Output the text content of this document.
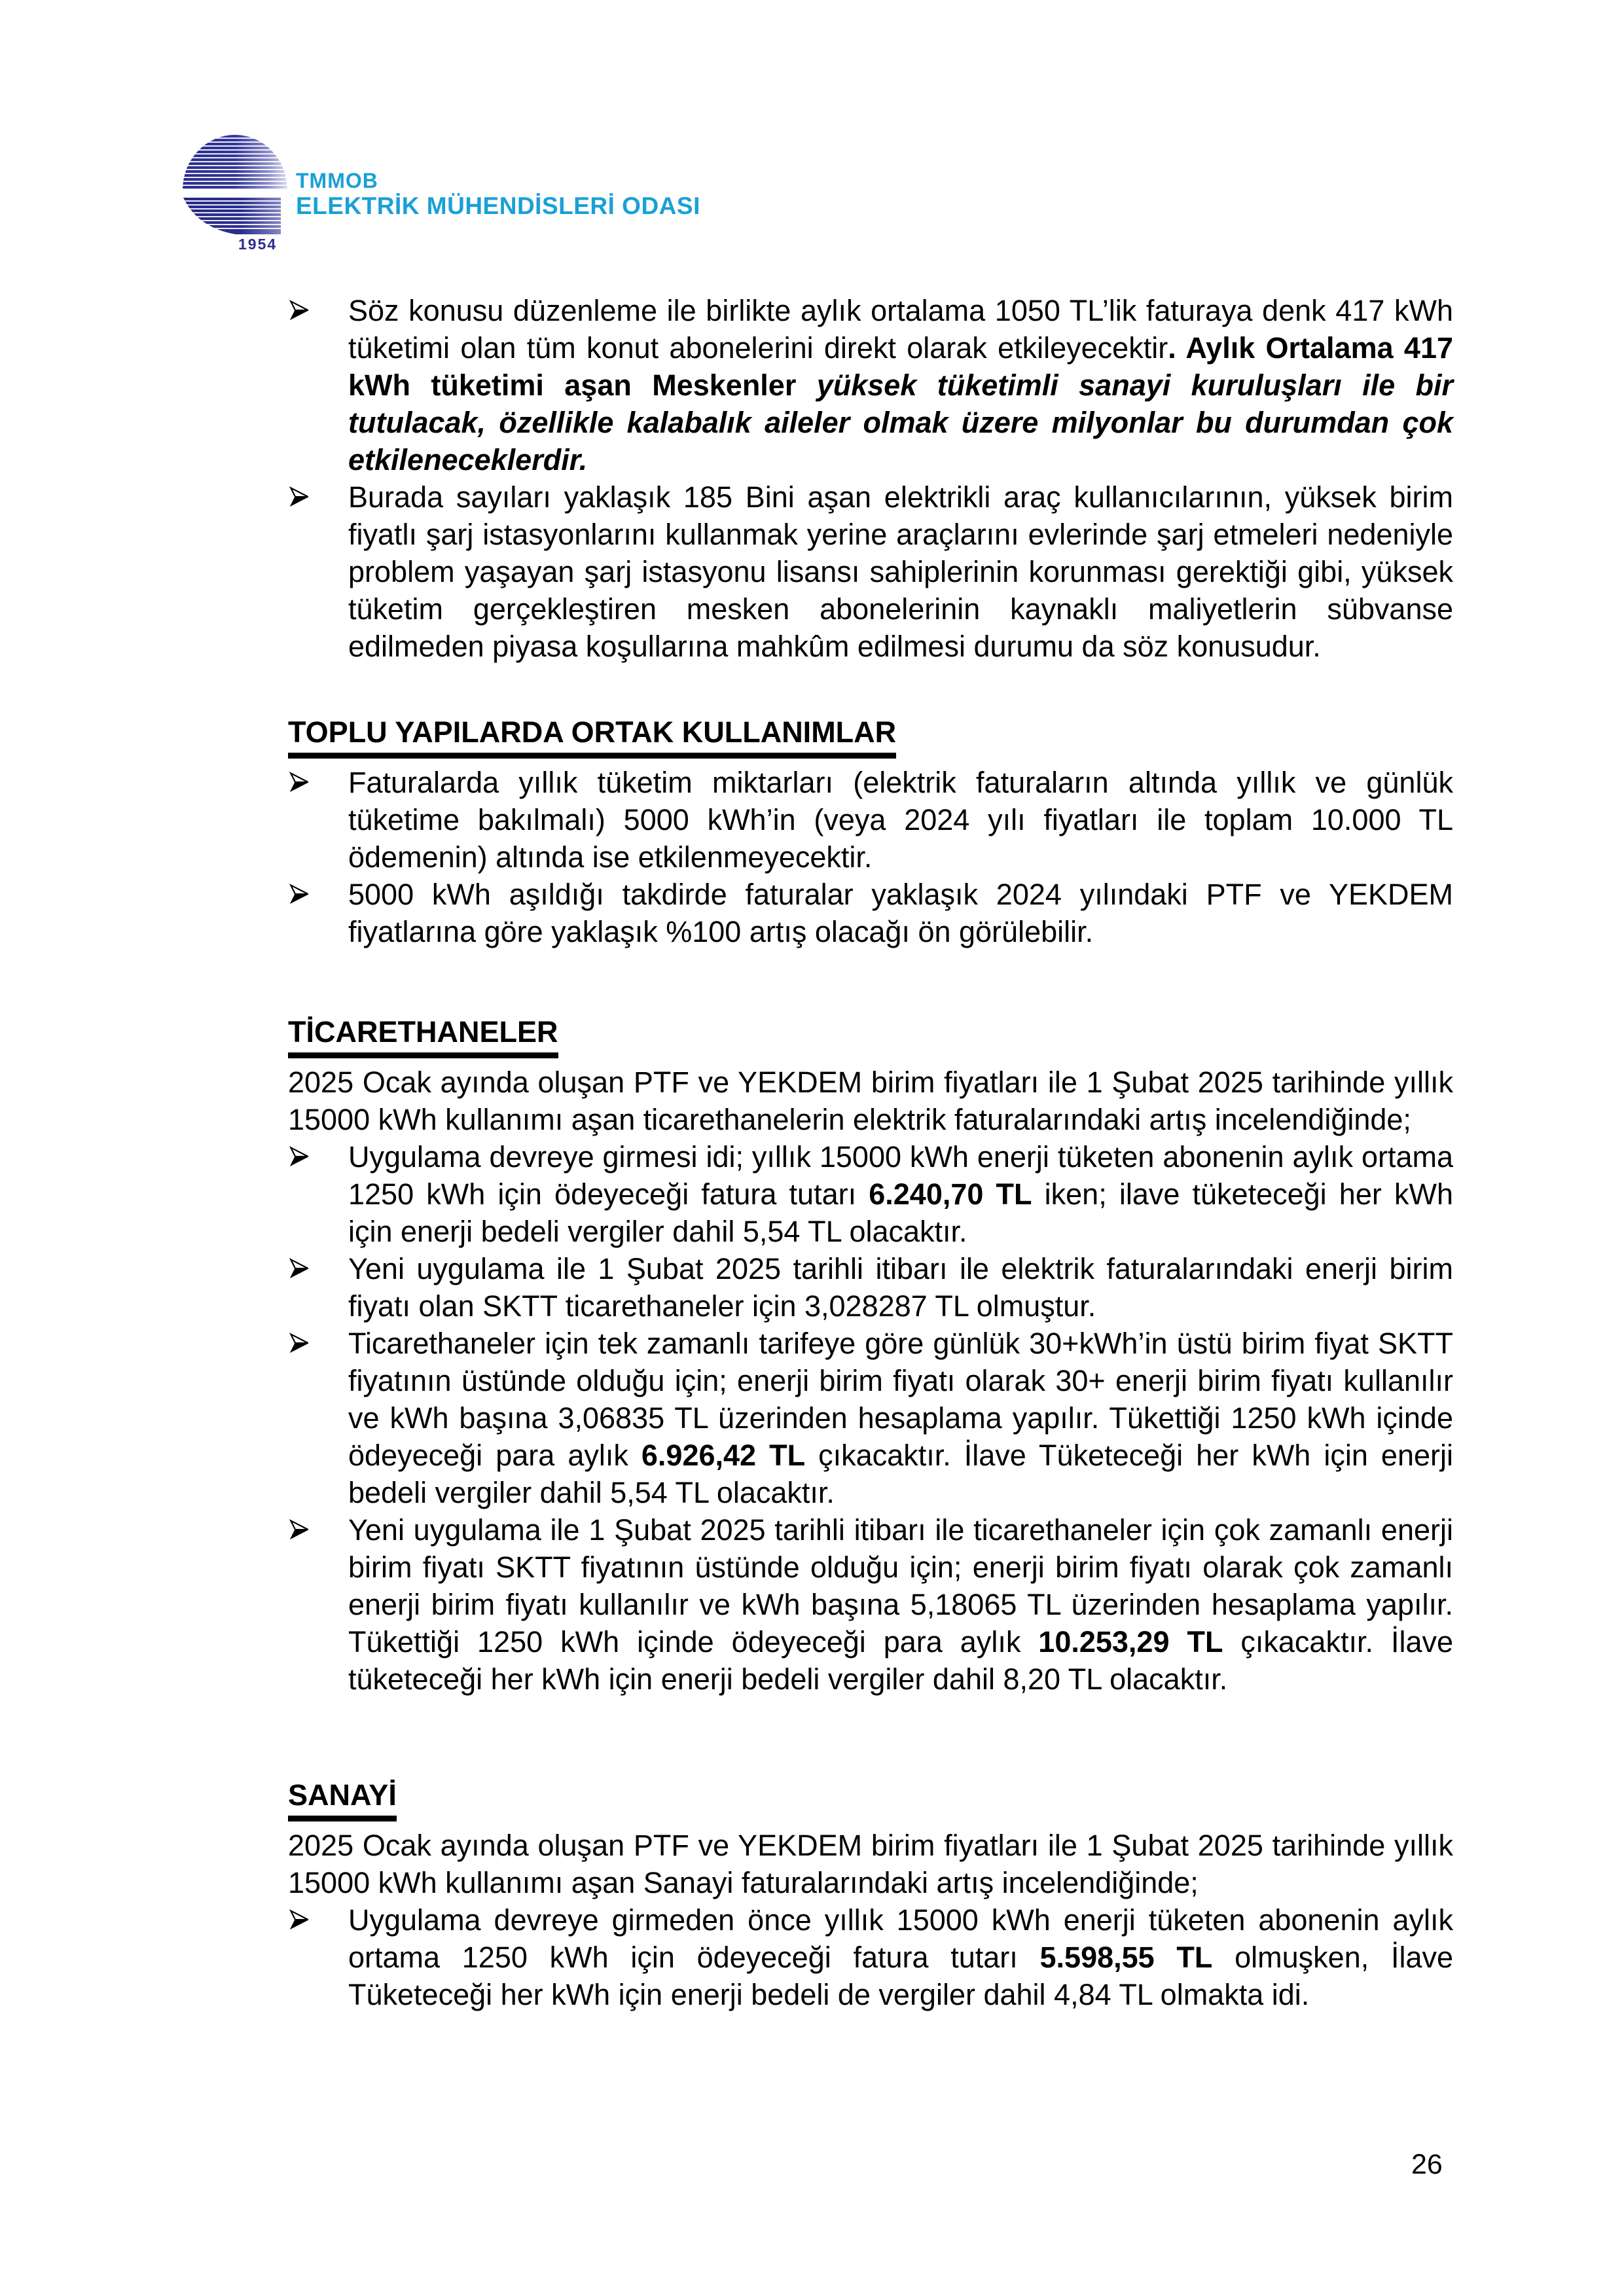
1954
TMMOB
ELEKTRİK MÜHENDİSLERİ ODASI
Söz konusu düzenleme ile birlikte aylık ortalama 1050 TL’lik faturaya denk 417 kWh tüketimi olan tüm konut abonelerini direkt olarak etkileyecektir. Aylık Ortalama 417 kWh tüketimi aşan Meskenler yüksek tüketimli sanayi kuruluşları ile bir tutulacak, özellikle kalabalık aileler olmak üzere milyonlar bu durumdan çok etkileneceklerdir.
Burada sayıları yaklaşık 185 Bini aşan elektrikli araç kullanıcılarının, yüksek birim fiyatlı şarj istasyonlarını kullanmak yerine araçlarını evlerinde şarj etmeleri nedeniyle problem yaşayan şarj istasyonu lisansı sahiplerinin korunması gerektiği gibi, yüksek tüketim gerçekleştiren mesken abonelerinin kaynaklı maliyetlerin sübvanse edilmeden piyasa koşullarına mahkûm edilmesi durumu da söz konusudur.
TOPLU YAPILARDA ORTAK KULLANIMLAR
Faturalarda yıllık tüketim miktarları (elektrik faturaların altında yıllık ve günlük tüketime bakılmalı) 5000 kWh’in (veya 2024 yılı fiyatları ile toplam 10.000 TL ödemenin) altında ise etkilenmeyecektir.
5000 kWh aşıldığı takdirde faturalar yaklaşık 2024 yılındaki PTF ve YEKDEM fiyatlarına göre yaklaşık %100 artış olacağı ön görülebilir.
TİCARETHANELER

2025 Ocak ayında oluşan PTF ve YEKDEM birim fiyatları ile 1 Şubat 2025 tarihinde yıllık 15000 kWh kullanımı aşan ticarethanelerin elektrik faturalarındaki artış incelendiğinde;

Uygulama devreye girmesi idi; yıllık 15000 kWh enerji tüketen abonenin aylık ortama 1250 kWh için ödeyeceği fatura tutarı 6.240,70 TL iken; ilave tüketeceği her kWh için enerji bedeli vergiler dahil 5,54 TL olacaktır.
Yeni uygulama ile 1 Şubat 2025 tarihli itibarı ile elektrik faturalarındaki enerji birim fiyatı olan SKTT ticarethaneler için 3,028287 TL olmuştur.
Ticarethaneler için tek zamanlı tarifeye göre günlük 30+kWh’in üstü birim fiyat SKTT fiyatının üstünde olduğu için; enerji birim fiyatı olarak 30+ enerji birim fiyatı kullanılır ve kWh başına 3,06835 TL üzerinden hesaplama yapılır. Tükettiği 1250 kWh içinde ödeyeceği para aylık 6.926,42 TL çıkacaktır. İlave Tüketeceği her kWh için enerji bedeli vergiler dahil 5,54 TL olacaktır.
Yeni uygulama ile 1 Şubat 2025 tarihli itibarı ile ticarethaneler için çok zamanlı enerji birim fiyatı SKTT fiyatının üstünde olduğu için; enerji birim fiyatı olarak çok zamanlı enerji birim fiyatı kullanılır ve kWh başına 5,18065 TL üzerinden hesaplama yapılır. Tükettiği 1250 kWh içinde ödeyeceği para aylık 10.253,29 TL çıkacaktır. İlave tüketeceği her kWh için enerji bedeli vergiler dahil 8,20 TL olacaktır.
SANAYİ

2025 Ocak ayında oluşan PTF ve YEKDEM birim fiyatları ile 1 Şubat 2025 tarihinde yıllık 15000 kWh kullanımı aşan Sanayi faturalarındaki artış incelendiğinde;

Uygulama devreye girmeden önce yıllık 15000 kWh enerji tüketen abonenin aylık ortama 1250 kWh için ödeyeceği fatura tutarı 5.598,55 TL olmuşken, İlave Tüketeceği her kWh için enerji bedeli de vergiler dahil 4,84 TL olmakta idi.
26
